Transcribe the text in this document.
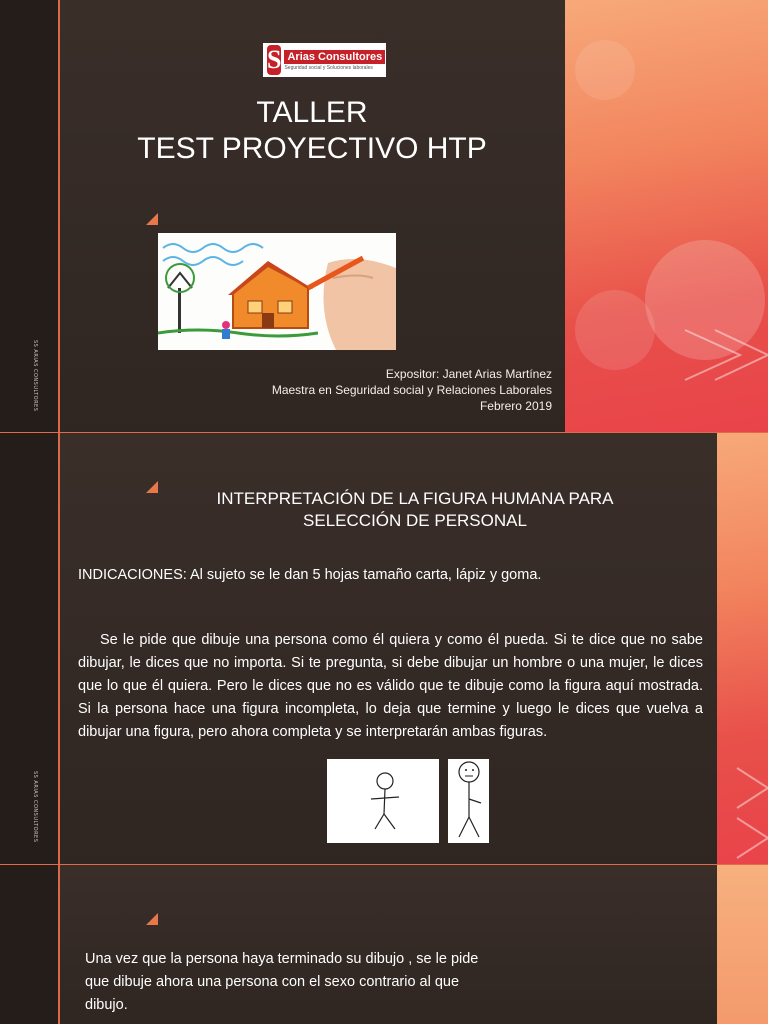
SS ARIAS CONSULTORES
S Arias Consultores
Seguridad social y Soluciones laborales
TALLER
TEST PROYECTIVO HTP
Expositor: Janet Arias Martínez
Maestra en Seguridad social y Relaciones Laborales
Febrero 2019
SS ARIAS CONSULTORES
INTERPRETACIÓN DE LA FIGURA HUMANA PARA
SELECCIÓN DE PERSONAL
INDICACIONES: Al sujeto se le dan 5 hojas tamaño carta, lápiz y goma.
Se le pide que dibuje una persona como él quiera y como él pueda. Si te dice que no sabe dibujar, le dices que no importa. Si te pregunta, si debe dibujar un hombre o una mujer, le dices que lo que él quiera. Pero le dices que no es válido que te dibuje como la figura aquí mostrada. Si la persona hace una figura incompleta, lo deja que termine y luego le dices que vuelva a dibujar una figura, pero ahora completa y se interpretarán ambas figuras.
Una vez que la persona haya terminado su dibujo , se le pide que dibuje ahora una persona con el sexo contrario al que dibujo.
